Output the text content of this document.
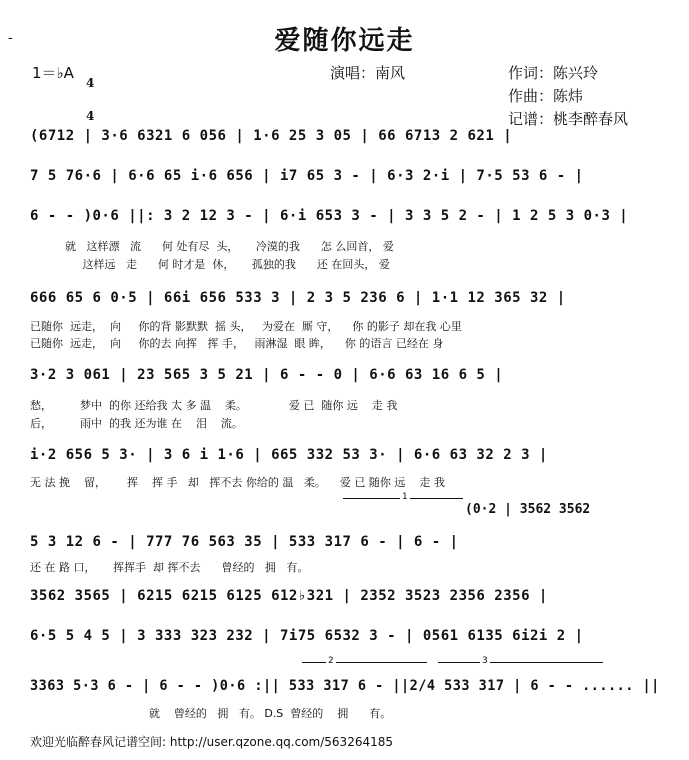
-	爱随你远走
1＝♭A

4

4

演唱：南风	作词：陈兴玲
作曲：陈炜
记谱：桃李醉春风
(6712 | 3·6 6321 6 056 | 1·6 25 3 05 | 66 6713 2 621 |
7 5 76·6 | 6·6 65 i·6 656 | i7 65 3 - | 6·3 2·i | 7·5 53 6 - |
6 - - )0·6 ||: 3 2 12 3 - | 6·i 653 3 - | 3 3 5 2 - | 1 2 5 3 0·3 |
就   这样漂   流      何 处有尽  头，     冷漠的我      怎 么回首， 爱
这样远   走      何 时才是  休，     孤独的我      还 在回头， 爱
666 65 6 0·5 | 66i 656 533 3 | 2 3 5 236 6 | 1·1 12 365 32 |
已随你  远走，  向     你的背 影默默  摇 头，   为爱在  厮 守，    你 的影子 却在我 心里
已随你  远走，  向     你的去 向挥   挥 手，   雨淋湿  眼 眸，    你 的语言 已经在 身
3·2 3 061 | 23 565 3 5 21 | 6 - - 0 | 6·6 63 16 6 5 |
愁，        梦中  的你 还给我 太 多 温    柔。            爱 已  随你 远    走 我
后，        雨中  的我 还为谁 在    泪    流。
i·2 656 5 3· | 3 6 i 1·6 | 665 332 53 3· | 6·6 63 32 2 3 |
无 法 挽    留，      挥    挥 手   却   挥不去 你给的 温   柔。    爱 已 随你 远    走 我
(0·2 | 3562 3562
1
5 3 12 6 - | 777 76 563 35 | 533 317 6 - | 6 - |
还 在 路 口，     挥挥手  却 挥不去      曾经的   拥   有。
3562 3565 | 6215 6215 6125 612♭321 | 2352 3523 2356 2356 |
6·5 5 4 5 | 3 333 323 232 | 7i75 6532 3 - | 0561 6135 6i2i 2 |
2	3
3363 5·3 6 - | 6 - - )0·6 :|| 533 317 6 - ||2/4 533 317 | 6 - - ...... ||
就    曾经的   拥   有。 D.S  曾经的    拥      有。
欢迎光临醉春风记谱空间: http://user.qzone.qq.com/563264185
